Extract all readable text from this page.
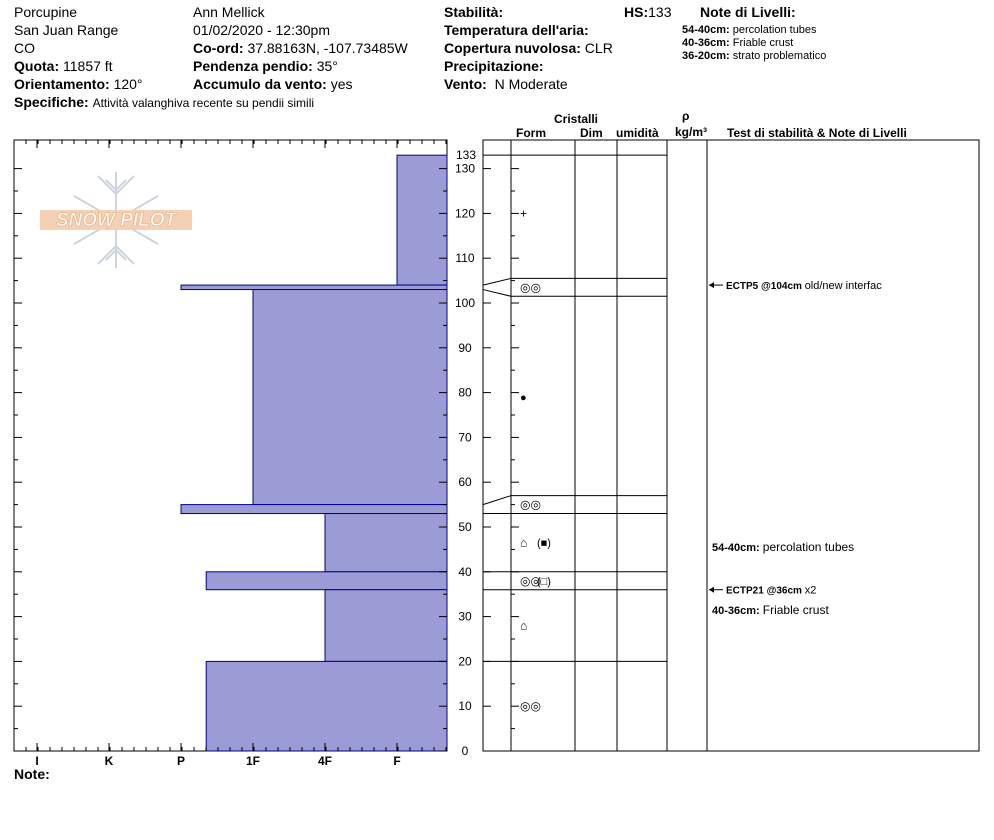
Porcupine
San Juan Range
CO
Quota: 11857 ft
Orientamento: 120°
Specifiche: Attività valanghiva recente su pendii simili
Ann Mellick
01/02/2020 - 12:30pm
Co-ord: 37.88163N, -107.73485W
Pendenza pendio: 35°
Accumulo da vento: yes
Stabilità:
Temperatura dell'aria:
Copertura nuvolosa: CLR
Precipitazione:
Vento: N Moderate
HS:133 Note di Livelli:
54-40cm: percolation tubes
40-36cm: Friable crust
36-20cm: strato problematico
Cristalli
Form	Dim umidità
ρ
kg/m³ Test di stabilità & Note di Livelli
Note:
SNOW PILOT
I	K	P	1F	4F	F
0
10
20
30
40
50
60
70
80
90
100
110
120
130
133
+
◎◎
●
◎◎
⌂ (■)
◎◎
(□)
⌂
◎◎
ECTP5 @104cm old/new interfac
ECTP21 @36cm x2
54-40cm: percolation tubes
40-36cm: Friable crust
